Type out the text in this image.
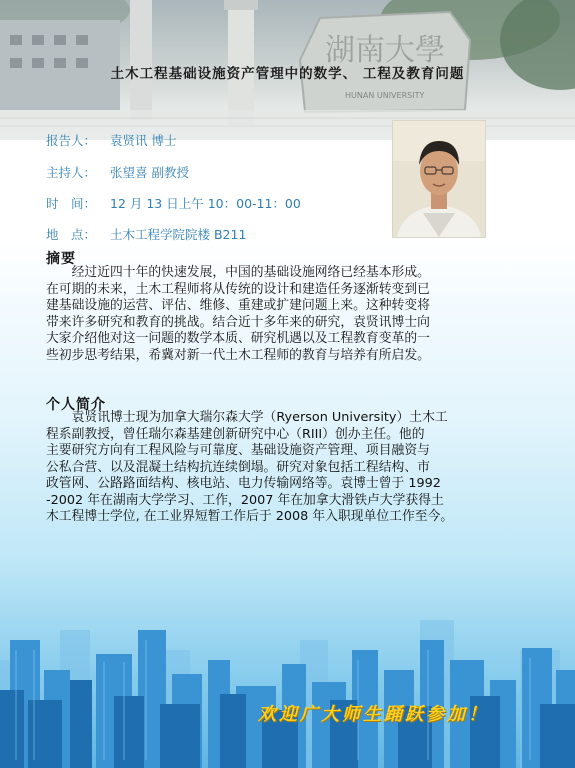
湖南大學
HUNAN UNIVERSITY
土木工程基础设施资产管理中的数学、 工程及教育问题
报告人： 袁贤讯 博士
主持人： 张望喜 副教授
时　间： 12 月 13 日上午 10：00-11：00
地　点： 土木工程学院院楼 B211
摘要
经过近四十年的快速发展，中国的基础设施网络已经基本形成。
在可期的未来，土木工程师将从传统的设计和建造任务逐渐转变到已
建基础设施的运营、评估、维修、重建或扩建问题上来。这种转变将
带来许多研究和教育的挑战。结合近十多年来的研究，袁贤讯博士向
大家介绍他对这一问题的数学本质、研究机遇以及工程教育变革的一
些初步思考结果，希冀对新一代土木工程师的教育与培养有所启发。
个人简介
袁贤讯博士现为加拿大瑞尔森大学（Ryerson University）土木工
程系副教授，曾任瑞尔森基建创新研究中心（RIII）创办主任。他的
主要研究方向有工程风险与可靠度、基础设施资产管理、项目融资与
公私合营、以及混凝土结构抗连续倒塌。研究对象包括工程结构、市
政管网、公路路面结构、核电站、电力传输网络等。袁博士曾于 1992
-2002 年在湖南大学学习、工作，2007 年在加拿大滑铁卢大学获得土
木工程博士学位, 在工业界短暂工作后于 2008 年入职现单位工作至今。
欢迎广大师生踊跃参加！
